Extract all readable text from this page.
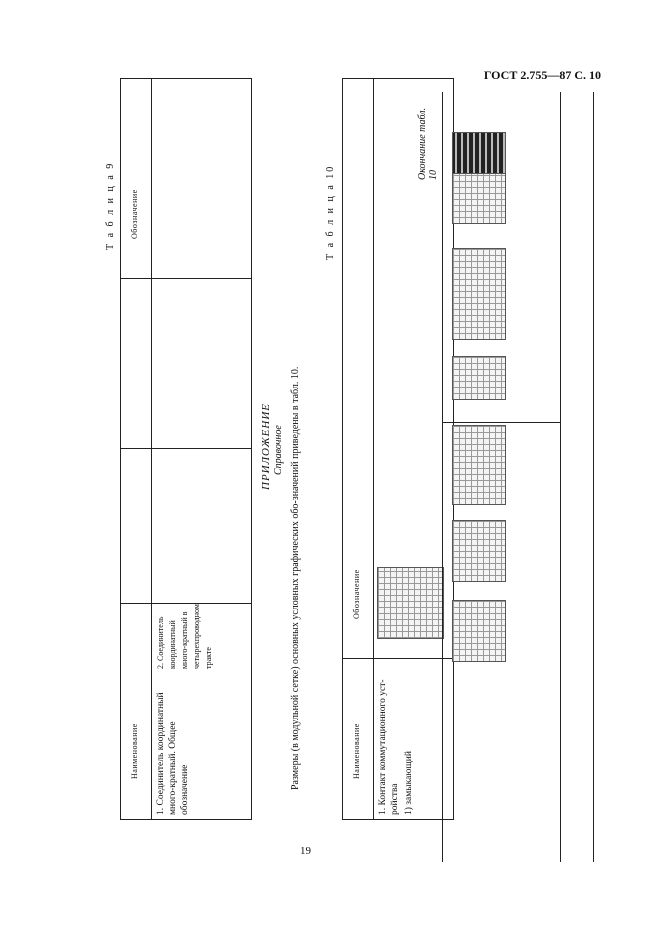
ГОСТ 2.755—87 С. 10
Т а б л и ц а 9
Наименование
Обозначение
1. Соединитель координатный много-кратный. Общее обозначение
2. Соединитель координатный много-кратный в четырехпроводном тракте
ПРИЛОЖЕНИЕ Справочное Размеры (в модульной сетке) основных условных графических обо-значений приведены в табл. 10.
Т а б л и ц а 10
Наименование
Обозначение
1. Контакт коммутационного уст-ройства 1) замыкающий
Окончание табл. 10
19
